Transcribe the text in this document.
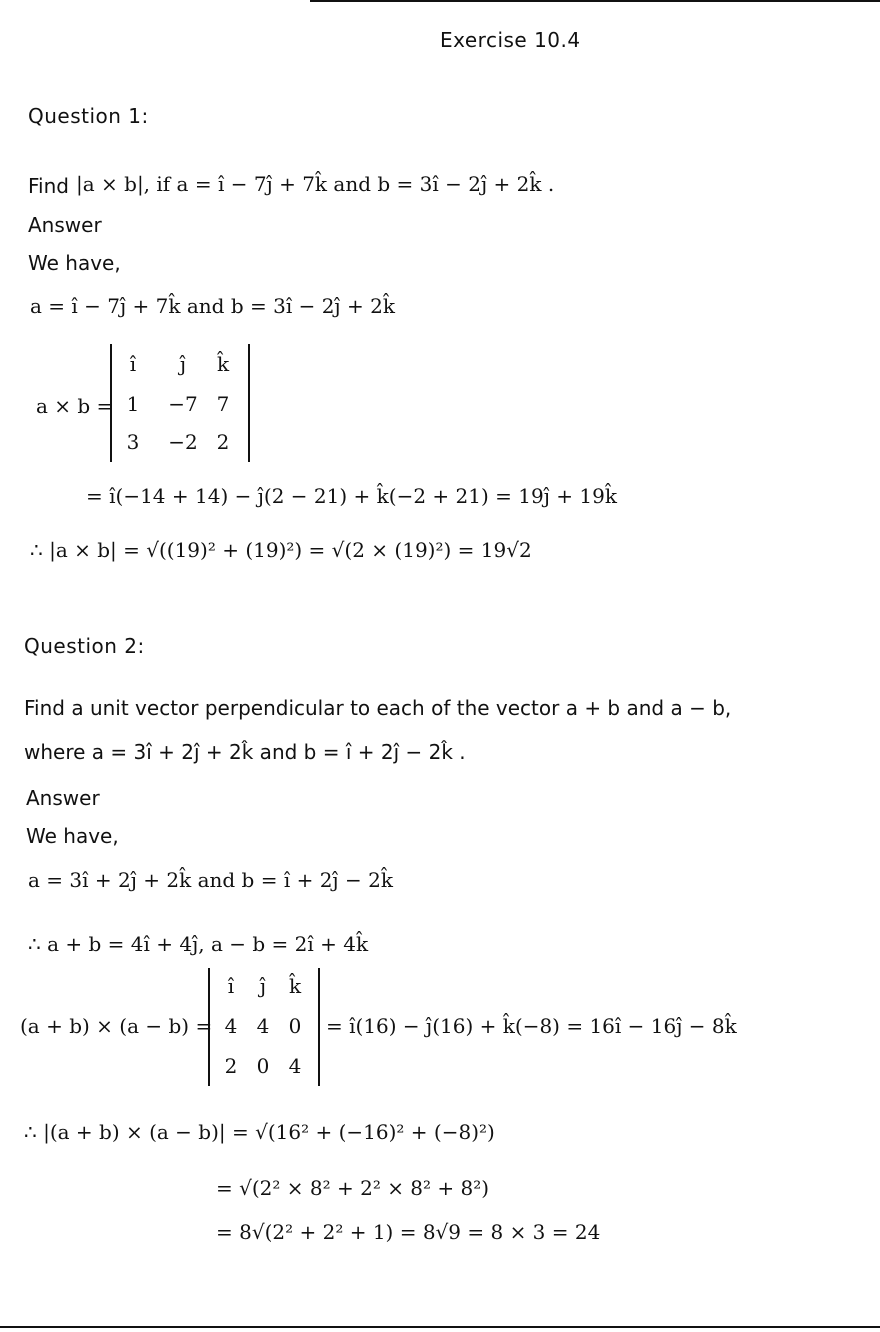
Exercise 10.4
Question 1:
Find |a × b|, if a = î − 7ĵ + 7k̂ and b = 3î − 2ĵ + 2k̂ .
Answer
We have,
a = î − 7ĵ + 7k̂ and b = 3î − 2ĵ + 2k̂
a × b =
î	ĵ	k̂
1	−7 7
3	−2 2
= î(−14 + 14) − ĵ(2 − 21) + k̂(−2 + 21) = 19ĵ + 19k̂
∴ |a × b| = √((19)² + (19)²) = √(2 × (19)²) = 19√2
Question 2:
Find a unit vector perpendicular to each of the vector a + b and a − b,
where a = 3î + 2ĵ + 2k̂ and b = î + 2ĵ − 2k̂ .
Answer
We have,
a = 3î + 2ĵ + 2k̂ and b = î + 2ĵ − 2k̂
∴ a + b = 4î + 4ĵ, a − b = 2î + 4k̂
(a + b) × (a − b) =
î	ĵ	k̂
4 4 0
2 0 4
= î(16) − ĵ(16) + k̂(−8) = 16î − 16ĵ − 8k̂
∴ |(a + b) × (a − b)| = √(16² + (−16)² + (−8)²)
= √(2² × 8² + 2² × 8² + 8²)
= 8√(2² + 2² + 1) = 8√9 = 8 × 3 = 24
